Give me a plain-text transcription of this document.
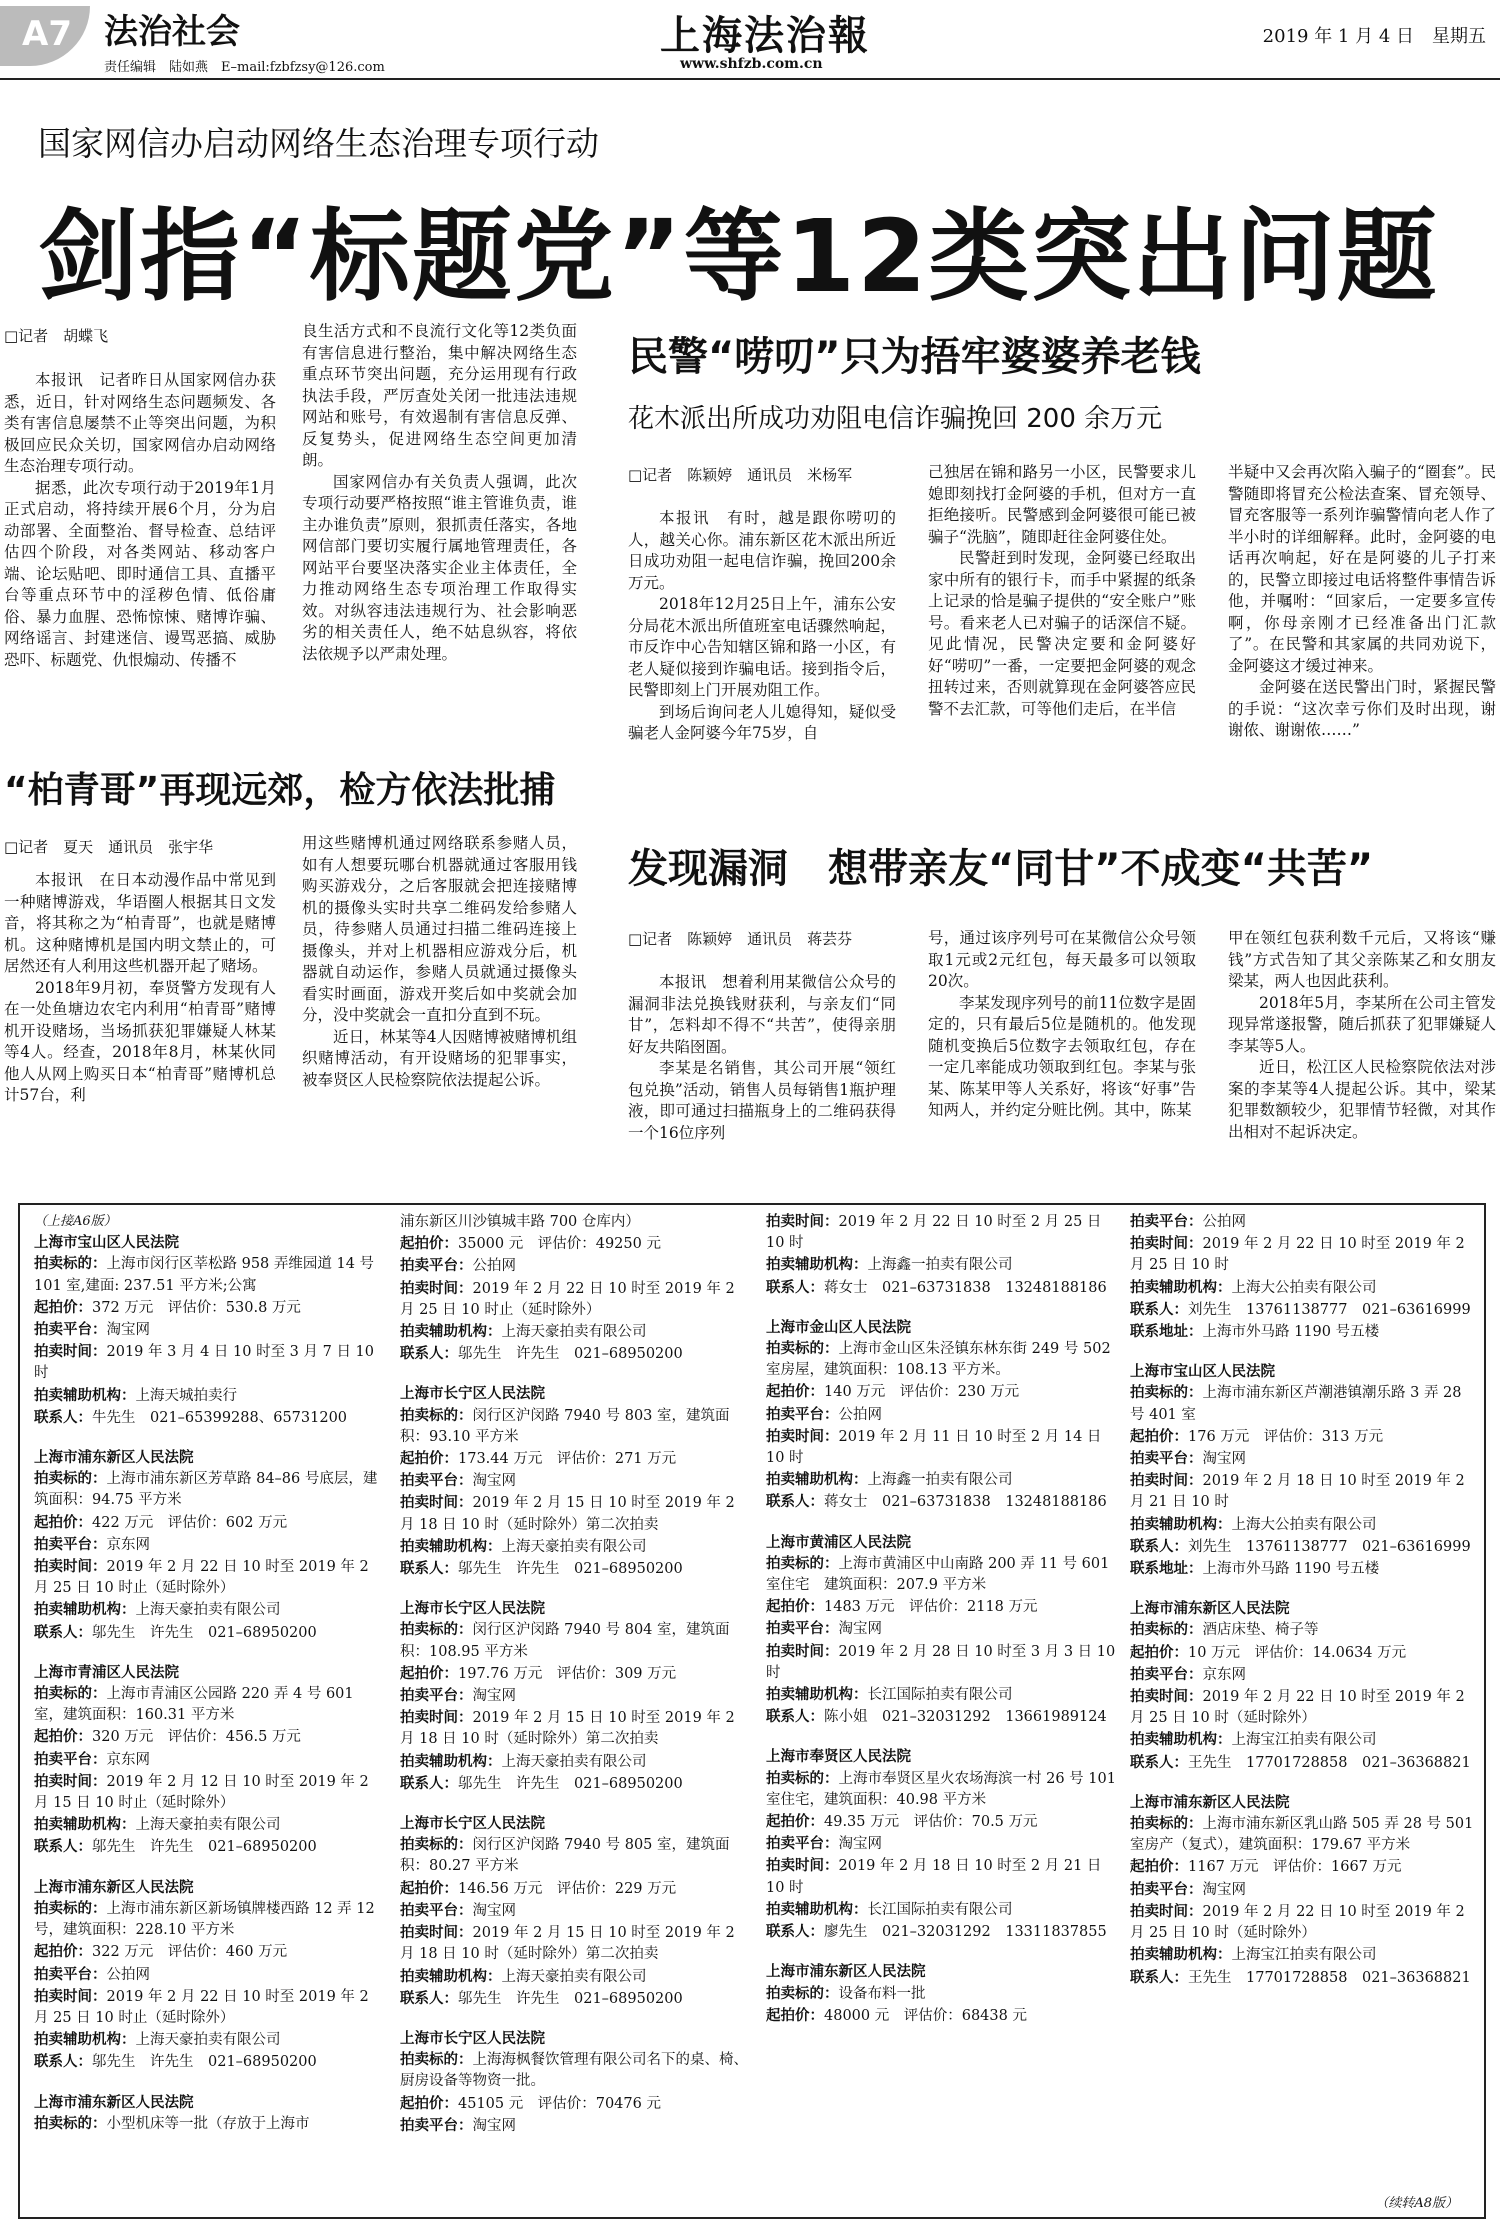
A7 法治社会
责任编辑　陆如燕　E–mail:fzbfzsy@126.com
上海法治報
www.shfzb.com.cn
2019 年 1 月 4 日　星期五
国家网信办启动网络生态治理专项行动
剑指“标题党”等12类突出问题
□记者　胡蝶飞

本报讯　记者昨日从国家网信办获悉，近日，针对网络生态问题频发、各类有害信息屡禁不止等突出问题，为积极回应民众关切，国家网信办启动网络生态治理专项行动。

据悉，此次专项行动于2019年1月正式启动，将持续开展6个月，分为启动部署、全面整治、督导检查、总结评估四个阶段，对各类网站、移动客户端、论坛贴吧、即时通信工具、直播平台等重点环节中的淫秽色情、低俗庸俗、暴力血腥、恐怖惊悚、赌博诈骗、网络谣言、封建迷信、谩骂恶搞、威胁恐吓、标题党、仇恨煽动、传播不

良生活方式和不良流行文化等12类负面有害信息进行整治，集中解决网络生态重点环节突出问题，充分运用现有行政执法手段，严厉查处关闭一批违法违规网站和账号，有效遏制有害信息反弹、反复势头，促进网络生态空间更加清朗。

国家网信办有关负责人强调，此次专项行动要严格按照“谁主管谁负责，谁主办谁负责”原则，狠抓责任落实，各地网信部门要切实履行属地管理责任，各网站平台要坚决落实企业主体责任，全力推动网络生态专项治理工作取得实效。对纵容违法违规行为、社会影响恶劣的相关责任人，绝不姑息纵容，将依法依规予以严肃处理。

民警“唠叨”只为捂牢婆婆养老钱
花木派出所成功劝阻电信诈骗挽回 200 余万元
□记者　陈颖婷　通讯员　米杨军

本报讯　有时，越是跟你唠叨的人，越关心你。浦东新区花木派出所近日成功劝阻一起电信诈骗，挽回200余万元。

2018年12月25日上午，浦东公安分局花木派出所值班室电话骤然响起，市反诈中心告知辖区锦和路一小区，有老人疑似接到诈骗电话。接到指令后，民警即刻上门开展劝阻工作。

到场后询问老人儿媳得知，疑似受骗老人金阿婆今年75岁，自

己独居在锦和路另一小区，民警要求儿媳即刻找打金阿婆的手机，但对方一直拒绝接听。民警感到金阿婆很可能已被骗子“洗脑”，随即赶往金阿婆住处。

民警赶到时发现，金阿婆已经取出家中所有的银行卡，而手中紧握的纸条上记录的恰是骗子提供的“安全账户”账号。看来老人已对骗子的话深信不疑。见此情况，民警决定要和金阿婆好好“唠叨”一番，一定要把金阿婆的观念扭转过来，否则就算现在金阿婆答应民警不去汇款，可等他们走后，在半信

半疑中又会再次陷入骗子的“圈套”。民警随即将冒充公检法查案、冒充领导、冒充客服等一系列诈骗警情向老人作了半小时的详细解释。此时，金阿婆的电话再次响起，好在是阿婆的儿子打来的，民警立即接过电话将整件事情告诉他，并嘱咐：“回家后，一定要多宣传啊，你母亲刚才已经准备出门汇款了”。在民警和其家属的共同劝说下，金阿婆这才缓过神来。

金阿婆在送民警出门时，紧握民警的手说：“这次幸亏你们及时出现，谢谢侬、谢谢侬……”

“柏青哥”再现远郊，检方依法批捕
□记者　夏天　通讯员　张宇华

本报讯　在日本动漫作品中常见到一种赌博游戏，华语圈人根据其日文发音，将其称之为“柏青哥”，也就是赌博机。这种赌博机是国内明文禁止的，可居然还有人利用这些机器开起了赌场。

2018年9月初，奉贤警方发现有人在一处鱼塘边农宅内利用“柏青哥”赌博机开设赌场，当场抓获犯罪嫌疑人林某等4人。经查，2018年8月，林某伙同他人从网上购买日本“柏青哥”赌博机总计57台，利

用这些赌博机通过网络联系参赌人员，如有人想要玩哪台机器就通过客服用钱购买游戏分，之后客服就会把连接赌博机的摄像头实时共享二维码发给参赌人员，待参赌人员通过扫描二维码连接上摄像头，并对上机器相应游戏分后，机器就自动运作，参赌人员就通过摄像头看实时画面，游戏开奖后如中奖就会加分，没中奖就会一直扣分直到不玩。

近日，林某等4人因赌博被赌博机组织赌博活动，有开设赌场的犯罪事实，被奉贤区人民检察院依法提起公诉。

发现漏洞　想带亲友“同甘”不成变“共苦”
□记者　陈颖婷　通讯员　蒋芸芬

本报讯　想着利用某微信公众号的漏洞非法兑换钱财获利，与亲友们“同甘”，怎料却不得不“共苦”，使得亲朋好友共陷囹圄。

李某是名销售，其公司开展“领红包兑换”活动，销售人员每销售1瓶护理液，即可通过扫描瓶身上的二维码获得一个16位序列

号，通过该序列号可在某微信公众号领取1元或2元红包，每天最多可以领取20次。

李某发现序列号的前11位数字是固定的，只有最后5位是随机的。他发现随机变换后5位数字去领取红包，存在一定几率能成功领取到红包。李某与张某、陈某甲等人关系好，将该“好事”告知两人，并约定分赃比例。其中，陈某

甲在领红包获利数千元后，又将该“赚钱”方式告知了其父亲陈某乙和女朋友梁某，两人也因此获利。

2018年5月，李某所在公司主管发现异常遂报警，随后抓获了犯罪嫌疑人李某等5人。

近日，松江区人民检察院依法对涉案的李某等4人提起公诉。其中，梁某犯罪数额较少，犯罪情节轻微，对其作出相对不起诉决定。

（上接A6版）
上海市宝山区人民法院
拍卖标的：上海市闵行区莘松路 958 弄维园道 14 号 101 室,建面: 237.51 平方米;公寓
起拍价：372 万元　评估价：530.8 万元
拍卖平台：淘宝网
拍卖时间：2019 年 3 月 4 日 10 时至 3 月 7 日 10 时
拍卖辅助机构：上海天城拍卖行
联系人：牛先生　021–65399288、65731200
上海市浦东新区人民法院
拍卖标的：上海市浦东新区芳草路 84–86 号底层，建筑面积：94.75 平方米
起拍价：422 万元　评估价：602 万元
拍卖平台：京东网
拍卖时间：2019 年 2 月 22 日 10 时至 2019 年 2 月 25 日 10 时止（延时除外）
拍卖辅助机构：上海天豪拍卖有限公司
联系人：邬先生　许先生　021–68950200
上海市青浦区人民法院
拍卖标的：上海市青浦区公园路 220 弄 4 号 601 室，建筑面积：160.31 平方米
起拍价：320 万元　评估价：456.5 万元
拍卖平台：京东网
拍卖时间：2019 年 2 月 12 日 10 时至 2019 年 2 月 15 日 10 时止（延时除外）
拍卖辅助机构：上海天豪拍卖有限公司
联系人：邬先生　许先生　021–68950200
上海市浦东新区人民法院
拍卖标的：上海市浦东新区新场镇牌楼西路 12 弄 12 号，建筑面积：228.10 平方米
起拍价：322 万元　评估价：460 万元
拍卖平台：公拍网
拍卖时间：2019 年 2 月 22 日 10 时至 2019 年 2 月 25 日 10 时止（延时除外）
拍卖辅助机构：上海天豪拍卖有限公司
联系人：邬先生　许先生　021–68950200
上海市浦东新区人民法院
拍卖标的：小型机床等一批（存放于上海市
浦东新区川沙镇城丰路 700 仓库内）
起拍价：35000 元　评估价：49250 元
拍卖平台：公拍网
拍卖时间：2019 年 2 月 22 日 10 时至 2019 年 2 月 25 日 10 时止（延时除外）
拍卖辅助机构：上海天豪拍卖有限公司
联系人：邬先生　许先生　021–68950200
上海市长宁区人民法院
拍卖标的：闵行区沪闵路 7940 号 803 室，建筑面积：93.10 平方米
起拍价：173.44 万元　评估价：271 万元
拍卖平台：淘宝网
拍卖时间：2019 年 2 月 15 日 10 时至 2019 年 2 月 18 日 10 时（延时除外）第二次拍卖
拍卖辅助机构：上海天豪拍卖有限公司
联系人：邬先生　许先生　021–68950200
上海市长宁区人民法院
拍卖标的：闵行区沪闵路 7940 号 804 室，建筑面积：108.95 平方米
起拍价：197.76 万元　评估价：309 万元
拍卖平台：淘宝网
拍卖时间：2019 年 2 月 15 日 10 时至 2019 年 2 月 18 日 10 时（延时除外）第二次拍卖
拍卖辅助机构：上海天豪拍卖有限公司
联系人：邬先生　许先生　021–68950200
上海市长宁区人民法院
拍卖标的：闵行区沪闵路 7940 号 805 室，建筑面积：80.27 平方米
起拍价：146.56 万元　评估价：229 万元
拍卖平台：淘宝网
拍卖时间：2019 年 2 月 15 日 10 时至 2019 年 2 月 18 日 10 时（延时除外）第二次拍卖
拍卖辅助机构：上海天豪拍卖有限公司
联系人：邬先生　许先生　021–68950200
上海市长宁区人民法院
拍卖标的：上海海枫餐饮管理有限公司名下的桌、椅、厨房设备等物资一批。
起拍价：45105 元　评估价：70476 元
拍卖平台：淘宝网
拍卖时间：2019 年 2 月 22 日 10 时至 2 月 25 日 10 时
拍卖辅助机构：上海鑫一拍卖有限公司
联系人：蒋女士　021–63731838　13248188186
上海市金山区人民法院
拍卖标的：上海市金山区朱泾镇东林东街 249 号 502 室房屋，建筑面积：108.13 平方米。
起拍价：140 万元　评估价：230 万元
拍卖平台：公拍网
拍卖时间：2019 年 2 月 11 日 10 时至 2 月 14 日 10 时
拍卖辅助机构：上海鑫一拍卖有限公司
联系人：蒋女士　021–63731838　13248188186
上海市黄浦区人民法院
拍卖标的：上海市黄浦区中山南路 200 弄 11 号 601 室住宅　建筑面积：207.9 平方米
起拍价：1483 万元　评估价：2118 万元
拍卖平台：淘宝网
拍卖时间：2019 年 2 月 28 日 10 时至 3 月 3 日 10 时
拍卖辅助机构：长江国际拍卖有限公司
联系人：陈小姐　021–32031292　13661989124
上海市奉贤区人民法院
拍卖标的：上海市奉贤区星火农场海滨一村 26 号 101 室住宅，建筑面积：40.98 平方米
起拍价：49.35 万元　评估价：70.5 万元
拍卖平台：淘宝网
拍卖时间：2019 年 2 月 18 日 10 时至 2 月 21 日 10 时
拍卖辅助机构：长江国际拍卖有限公司
联系人：廖先生　021–32031292　13311837855
上海市浦东新区人民法院
拍卖标的：设备布料一批
起拍价：48000 元　评估价：68438 元
拍卖平台：公拍网
拍卖时间：2019 年 2 月 22 日 10 时至 2019 年 2 月 25 日 10 时
拍卖辅助机构：上海大公拍卖有限公司
联系人：刘先生　13761138777　021–63616999
联系地址：上海市外马路 1190 号五楼
上海市宝山区人民法院
拍卖标的：上海市浦东新区芦潮港镇潮乐路 3 弄 28 号 401 室
起拍价：176 万元　评估价：313 万元
拍卖平台：淘宝网
拍卖时间：2019 年 2 月 18 日 10 时至 2019 年 2 月 21 日 10 时
拍卖辅助机构：上海大公拍卖有限公司
联系人：刘先生　13761138777　021–63616999
联系地址：上海市外马路 1190 号五楼
上海市浦东新区人民法院
拍卖标的：酒店床垫、椅子等
起拍价：10 万元　评估价：14.0634 万元
拍卖平台：京东网
拍卖时间：2019 年 2 月 22 日 10 时至 2019 年 2 月 25 日 10 时（延时除外）
拍卖辅助机构：上海宝江拍卖有限公司
联系人：王先生　17701728858　021–36368821
上海市浦东新区人民法院
拍卖标的：上海市浦东新区乳山路 505 弄 28 号 501 室房产（复式），建筑面积：179.67 平方米
起拍价：1167 万元　评估价：1667 万元
拍卖平台：淘宝网
拍卖时间：2019 年 2 月 22 日 10 时至 2019 年 2 月 25 日 10 时（延时除外）
拍卖辅助机构：上海宝江拍卖有限公司
联系人：王先生　17701728858　021–36368821
（续转A8版）
